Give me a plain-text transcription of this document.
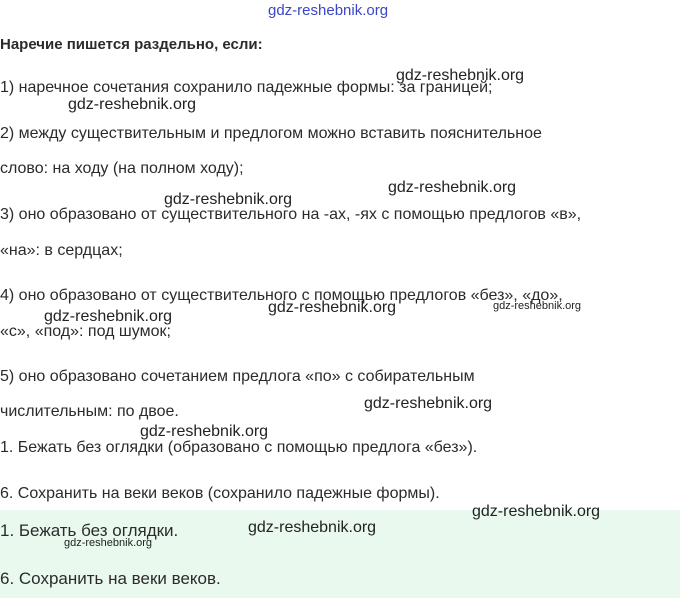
gdz-reshebnik.org
Наречие пишется раздельно, если:
1) наречное сочетания сохранило падежные формы: за границей;
2) между существительным и предлогом можно вставить пояснительное
слово: на ходу (на полном ходу);
3) оно образовано от существительного на -ах, -ях с помощью предлогов «в»,
«на»: в сердцах;
4) оно образовано от существительного с помощью предлогов «без», «до»,
«с», «под»: под шумок;
5) оно образовано сочетанием предлога «по» с собирательным
числительным: по двое.
1. Бежать без оглядки (образовано с помощью предлога «без»).
6. Сохранить на веки веков (сохранило падежные формы).
1. Бежать без оглядки.
6. Сохранить на веки веков.
gdz-reshebnik.org
gdz-reshebnik.org
gdz-reshebnik.org
gdz-reshebnik.org
gdz-reshebnik.org
gdz-reshebnik.org
gdz-reshebnik.org
gdz-reshebnik.org
gdz-reshebnik.org
gdz-reshebnik.org
gdz-reshebnik.org
gdz-reshebnik.org
